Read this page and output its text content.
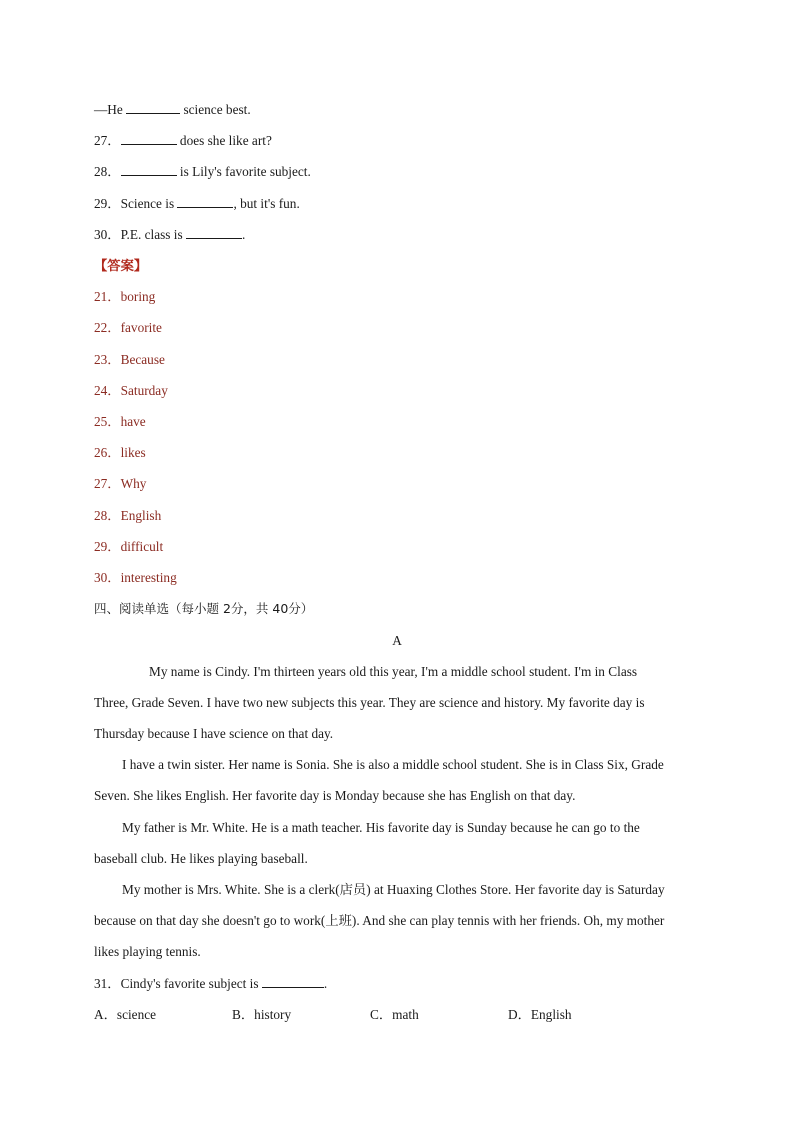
—He	science best.
27．	does she like art?
28．	is Lily's favorite subject.
29．Science is	, but it's fun.
30．P.E. class is	.
【答案】
21．boring
22．favorite
23．Because
24．Saturday
25．have
26．likes
27．Why
28．English
29．difficult
30．interesting
四、阅读单选（每小题 2分，共 40分）
A
My name is Cindy. I'm thirteen years old this year, I'm a middle school student. I'm in Class
Three, Grade Seven. I have two new subjects this year. They are science and history. My favorite day is
Thursday because I have science on that day.
I have a twin sister. Her name is Sonia. She is also a middle school student. She is in Class Six, Grade
Seven. She likes English. Her favorite day is Monday because she has English on that day.
My father is Mr. White. He is a math teacher. His favorite day is Sunday because he can go to the
baseball club. He likes playing baseball.
My mother is Mrs. White. She is a clerk(店员) at Huaxing Clothes Store. Her favorite day is Saturday
because on that day she doesn't go to work(上班). And she can play tennis with her friends. Oh, my mother
likes playing tennis.
31．Cindy's favorite subject is	.
A．science	B．history	C．math	D．English
